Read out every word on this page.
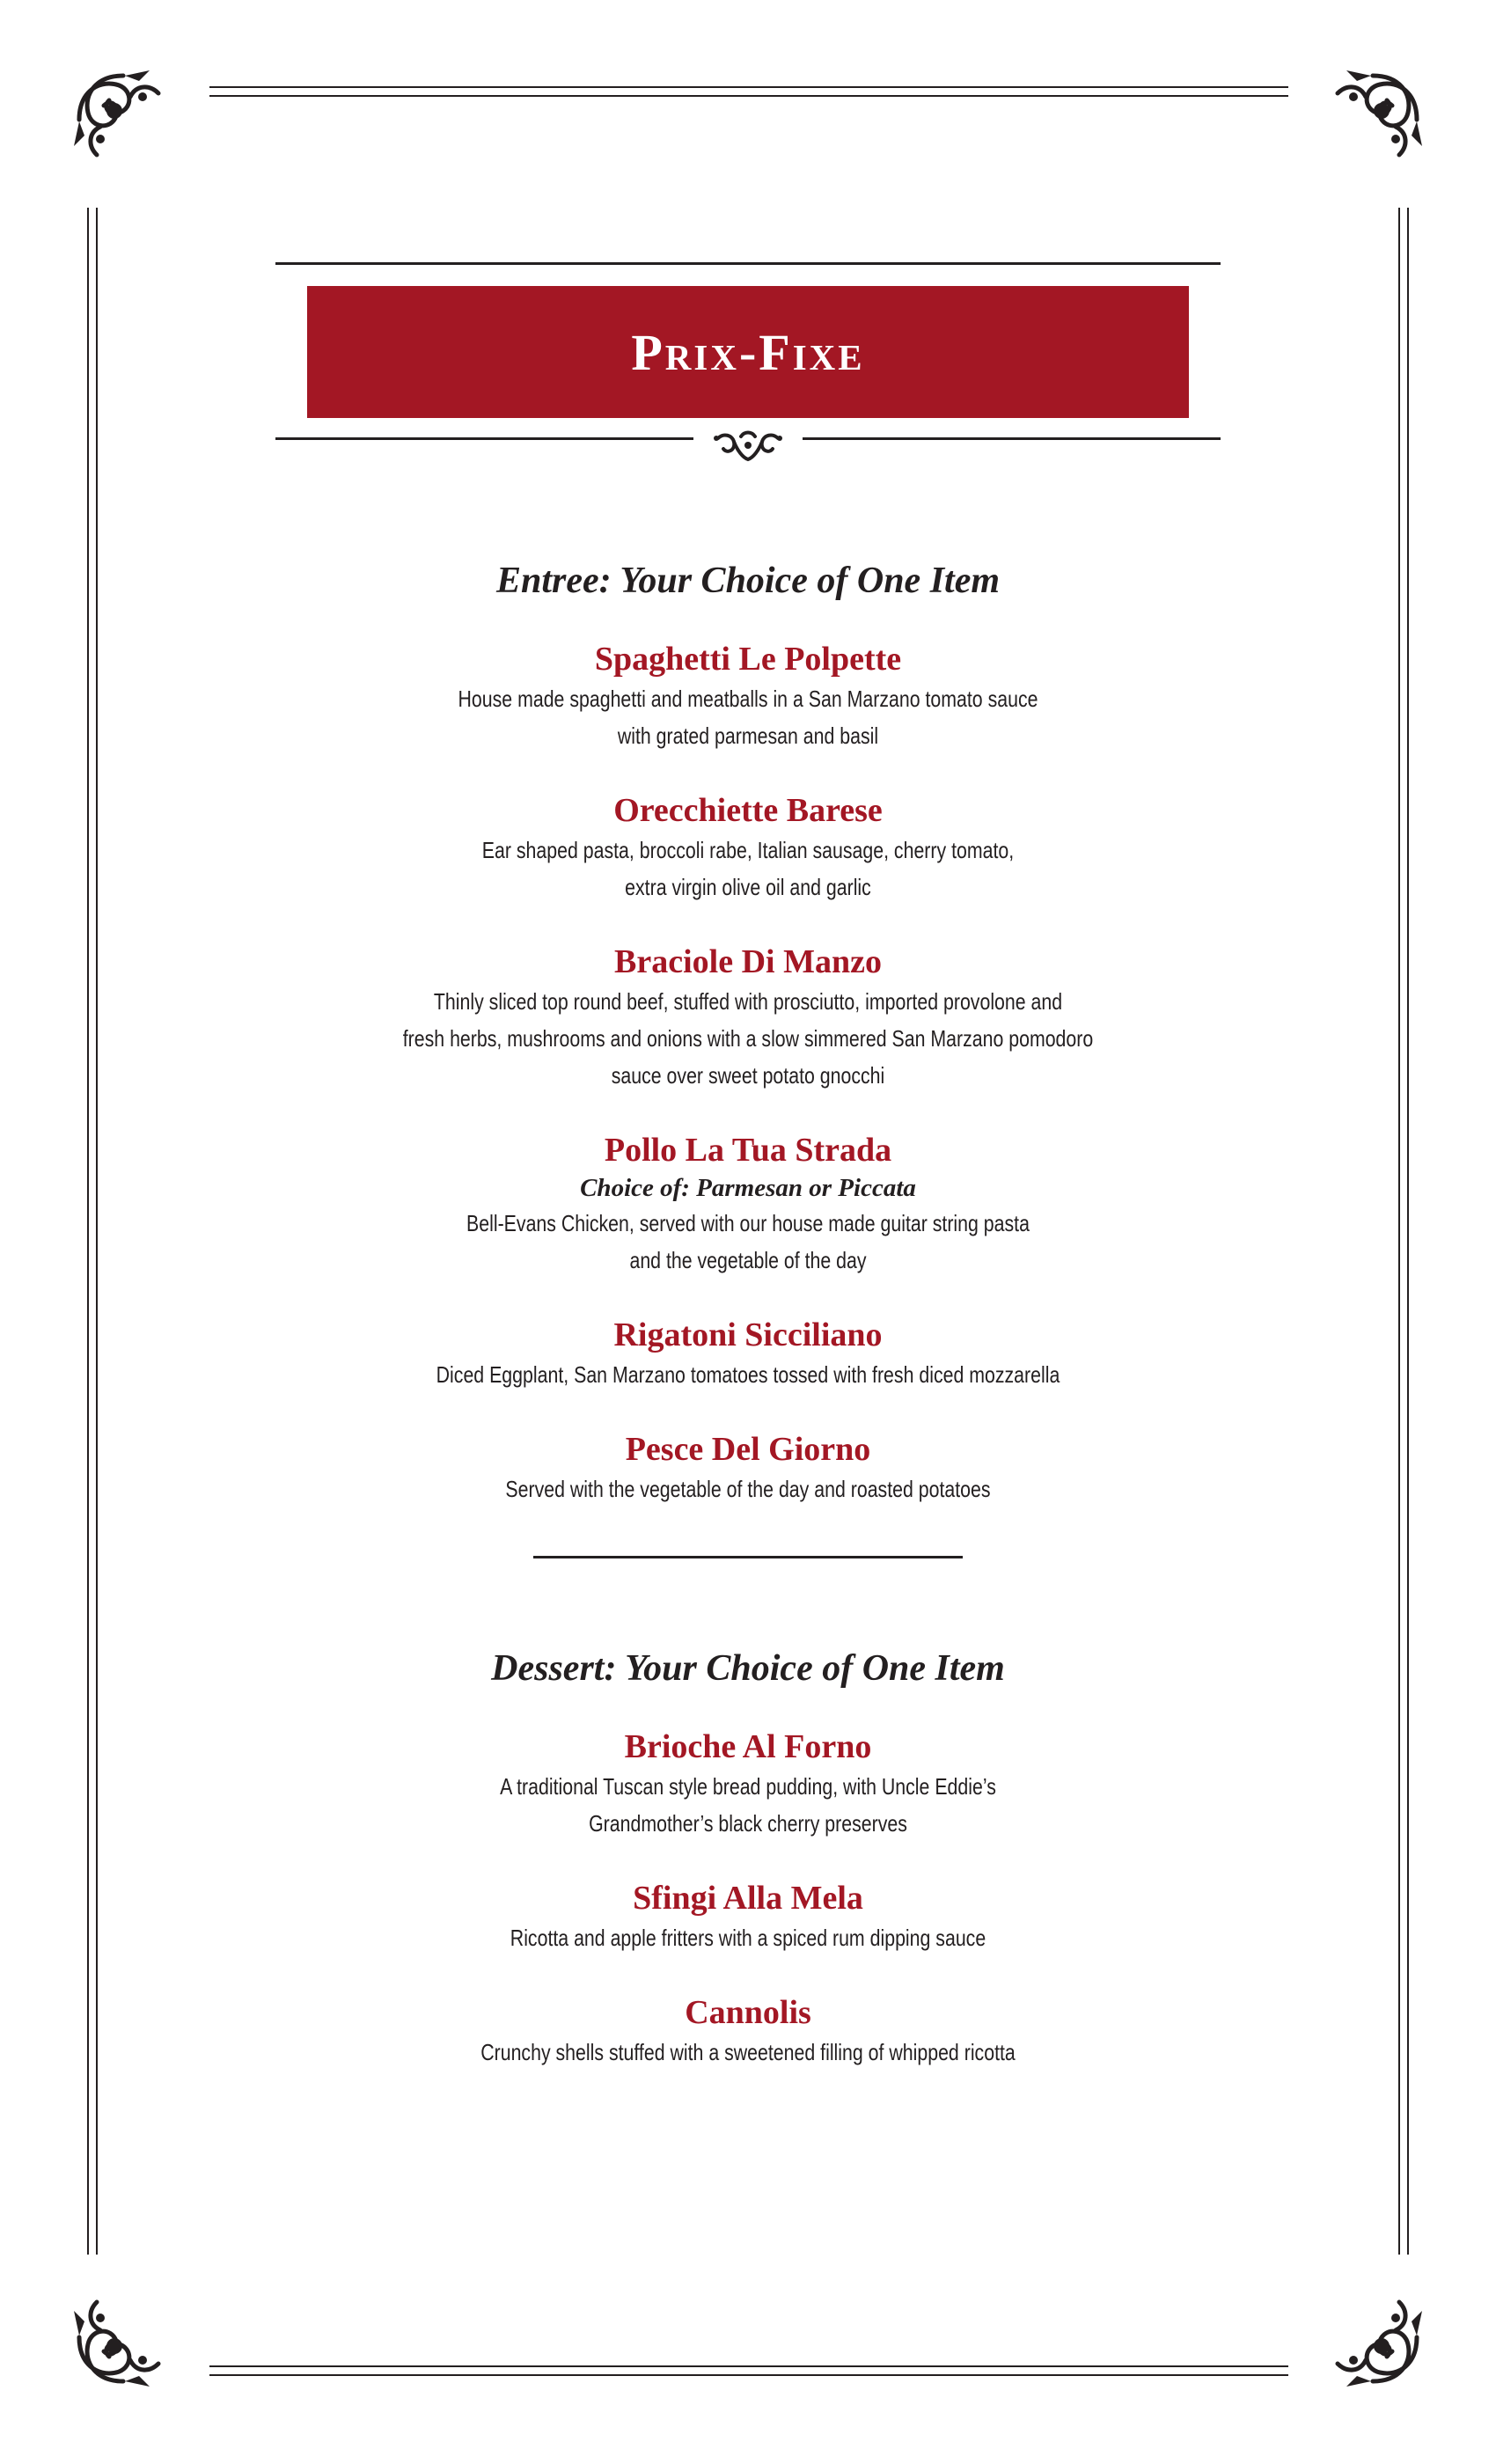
Prix-Fixe
Entree: Your Choice of One Item
Spaghetti Le Polpette
House made spaghetti and meatballs in a San Marzano tomato sauce
with grated parmesan and basil
Orecchiette Barese
Ear shaped pasta, broccoli rabe, Italian sausage, cherry tomato,
extra virgin olive oil and garlic
Braciole Di Manzo
Thinly sliced top round beef, stuffed with prosciutto, imported provolone and
fresh herbs, mushrooms and onions with a slow simmered San Marzano pomodoro
sauce over sweet potato gnocchi
Pollo La Tua Strada
Choice of: Parmesan or Piccata
Bell-Evans Chicken, served with our house made guitar string pasta
and the vegetable of the day
Rigatoni Sicciliano
Diced Eggplant, San Marzano tomatoes tossed with fresh diced mozzarella
Pesce Del Giorno
Served with the vegetable of the day and roasted potatoes
Dessert: Your Choice of One Item
Brioche Al Forno
A traditional Tuscan style bread pudding, with Uncle Eddie’s
Grandmother’s black cherry preserves
Sfingi Alla Mela
Ricotta and apple fritters with a spiced rum dipping sauce
Cannolis
Crunchy shells stuffed with a sweetened filling of whipped ricotta
